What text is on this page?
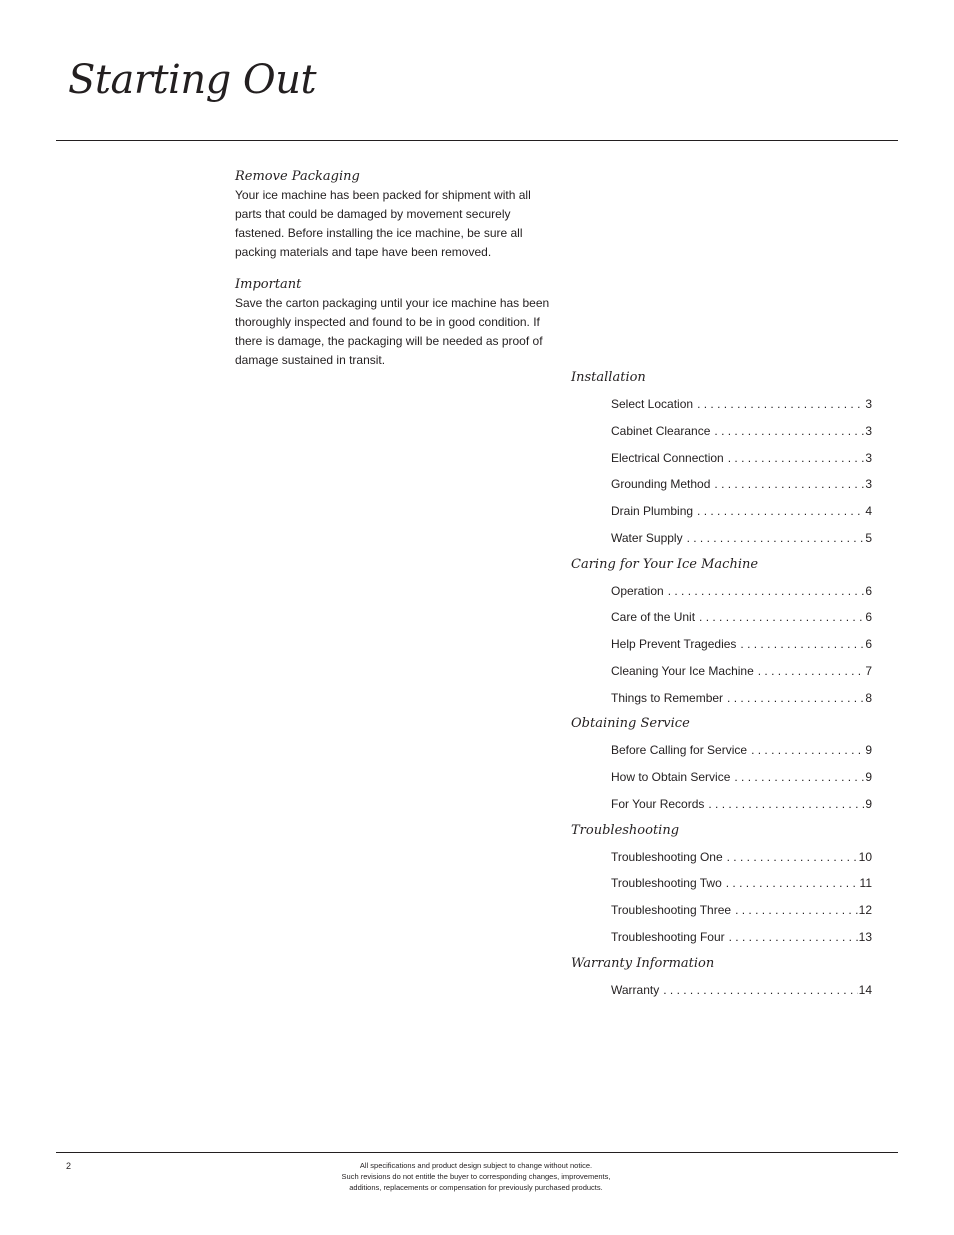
Starting Out

Remove Packaging

Your ice machine has been packed for shipment with all parts that could be damaged by movement securely fastened. Before installing the ice machine, be sure all packing materials and tape have been removed.

Important

Save the carton packaging until your ice machine has been thoroughly inspected and found to be in good condition. If there is damage, the packaging will be needed as proof of damage sustained in transit.

Installation
Select Location . . .	3
Cabinet Clearance . . .	3
Electrical Connection . . .	3
Grounding Method . . .	3
Drain Plumbing . . .	4
Water Supply . . .	5
Caring for Your Ice Machine
Operation . . .	6
Care of the Unit . . .	6
Help Prevent Tragedies . . .	6
Cleaning Your Ice Machine . . .	7
Things to Remember . . .	8
Obtaining Service
Before Calling for Service . . .	9
How to Obtain Service . . .	9
For Your Records . . .	9
Troubleshooting
Troubleshooting One . . .	10
Troubleshooting Two . . .	11
Troubleshooting Three . . .	12
Troubleshooting Four . . .	13
Warranty Information
Warranty . . .	14
2	All specifications and product design subject to change without notice.
Such revisions do not entitle the buyer to corresponding changes, improvements,
additions, replacements or compensation for previously purchased products.
